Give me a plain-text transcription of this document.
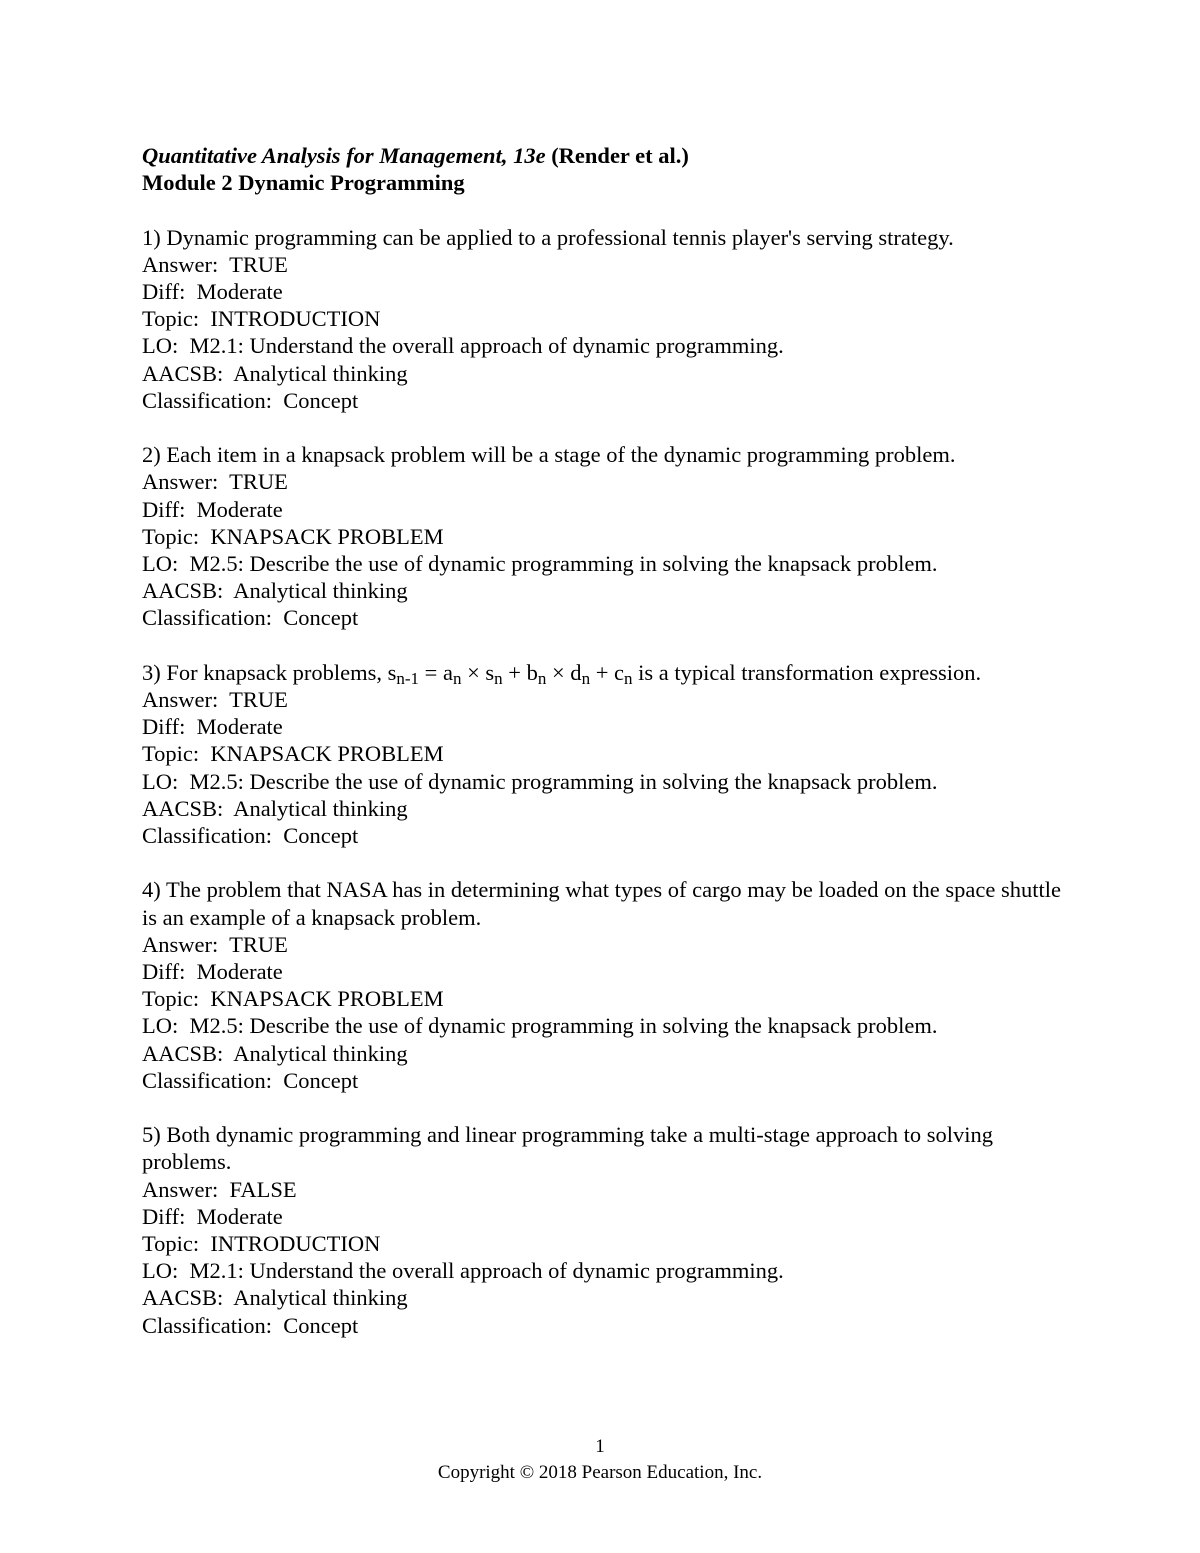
Quantitative Analysis for Management, 13e (Render et al.)

Module 2 Dynamic Programming

1) Dynamic programming can be applied to a professional tennis player's serving strategy.
Answer:  TRUE
Diff:  Moderate
Topic:  INTRODUCTION
LO:  M2.1: Understand the overall approach of dynamic programming.
AACSB:  Analytical thinking
Classification:  Concept
2) Each item in a knapsack problem will be a stage of the dynamic programming problem.
Answer:  TRUE
Diff:  Moderate
Topic:  KNAPSACK PROBLEM
LO:  M2.5: Describe the use of dynamic programming in solving the knapsack problem.
AACSB:  Analytical thinking
Classification:  Concept
3) For knapsack problems, $s_{n-1} = a_n \times s_n + b_n \times d_n + c_n$ is a typical transformation expression.
Answer:  TRUE
Diff:  Moderate
Topic:  KNAPSACK PROBLEM
LO:  M2.5: Describe the use of dynamic programming in solving the knapsack problem.
AACSB:  Analytical thinking
Classification:  Concept
4) The problem that NASA has in determining what types of cargo may be loaded on the space shuttle is an example of a knapsack problem.
Answer:  TRUE
Diff:  Moderate
Topic:  KNAPSACK PROBLEM
LO:  M2.5: Describe the use of dynamic programming in solving the knapsack problem.
AACSB:  Analytical thinking
Classification:  Concept
5) Both dynamic programming and linear programming take a multi-stage approach to solving problems.
Answer:  FALSE
Diff:  Moderate
Topic:  INTRODUCTION
LO:  M2.1: Understand the overall approach of dynamic programming.
AACSB:  Analytical thinking
Classification:  Concept
1
Copyright © 2018 Pearson Education, Inc.
